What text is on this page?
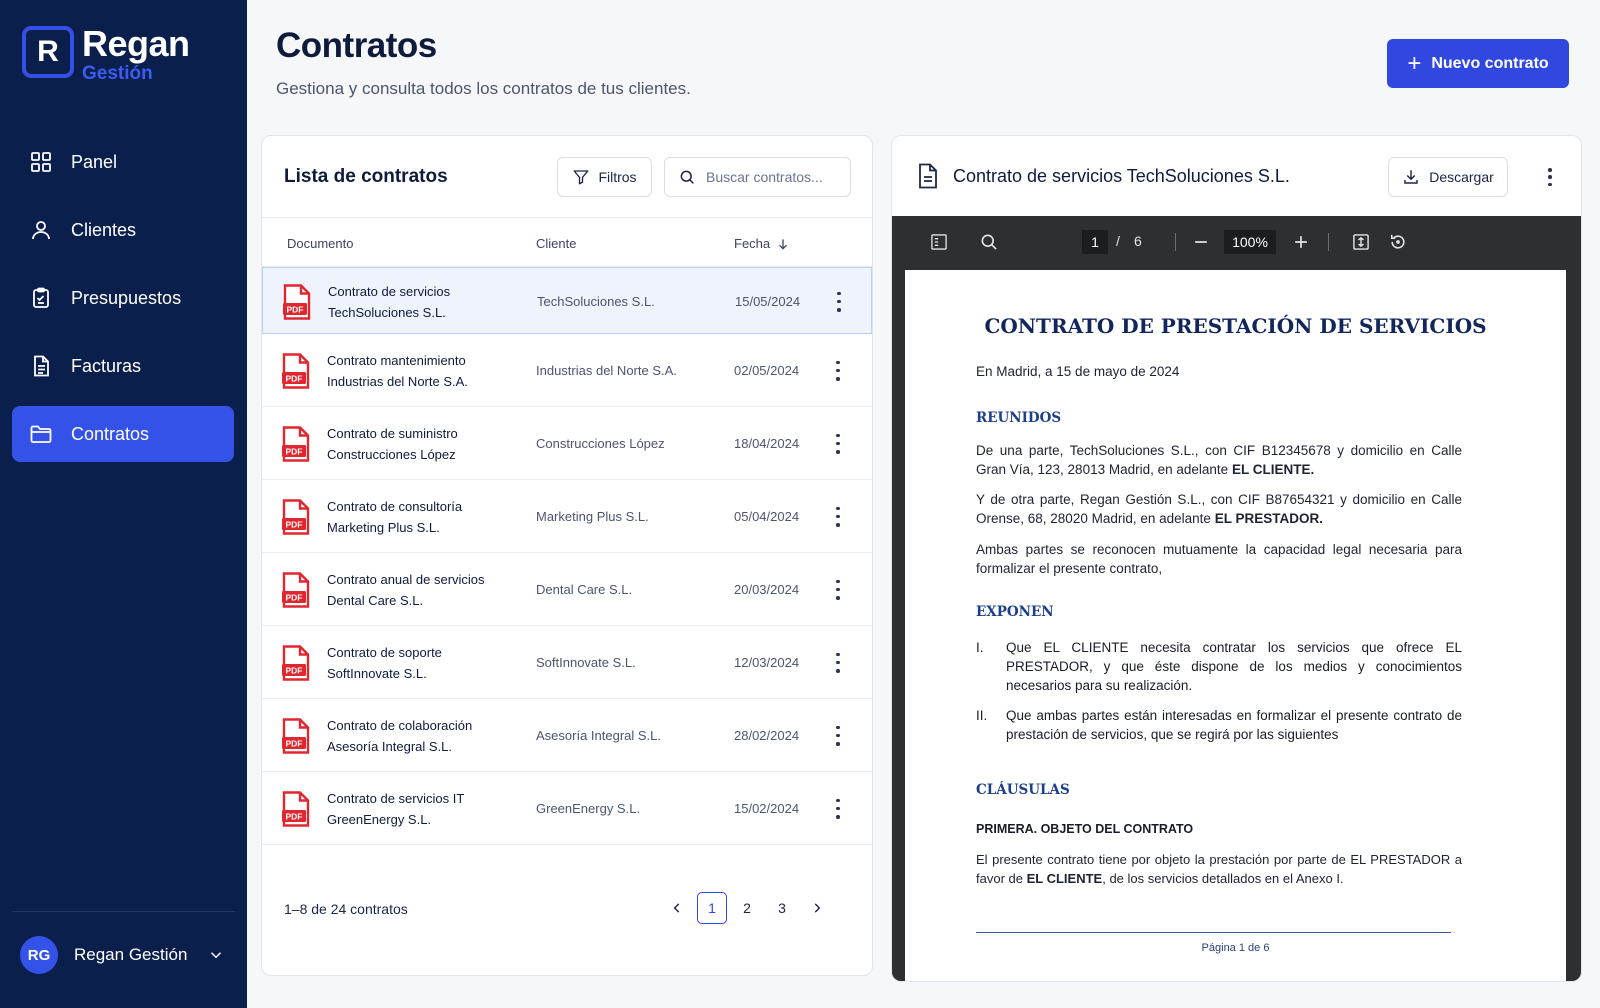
R Regan
Gestión
Panel
Clientes
Presupuestos
Facturas
Contratos
RG	Regan Gestión
Contratos

Gestiona y consulta todos los contratos de tus clientes.

+ Nuevo contrato
Lista de contratos	Filtros
Buscar contratos...
Documento	Cliente	Fecha
PDF
Contrato de servicios
TechSoluciones S.L.
TechSoluciones S.L.	15/05/2024
PDF
Contrato mantenimiento
Industrias del Norte S.A.
Industrias del Norte S.A.	02/05/2024
PDF
Contrato de suministro
Construcciones López
Construcciones López	18/04/2024
PDF
Contrato de consultoría
Marketing Plus S.L.
Marketing Plus S.L.	05/04/2024
PDF
Contrato anual de servicios
Dental Care S.L.
Dental Care S.L.	20/03/2024
PDF
Contrato de soporte
SoftInnovate S.L.
SoftInnovate S.L.	12/03/2024
PDF
Contrato de colaboración
Asesoría Integral S.L.
Asesoría Integral S.L.	28/02/2024
PDF
Contrato de servicios IT
GreenEnergy S.L.
GreenEnergy S.L.	15/02/2024
1–8 de 24 contratos	1	2	3
Contrato de servicios TechSoluciones S.L.	Descargar
1
/ 6	100%
CONTRATO DE PRESTACIÓN DE SERVICIOS
En Madrid, a 15 de mayo de 2024
REUNIDOS
De una parte, TechSoluciones S.L., con CIF B12345678 y domicilio en Calle Gran Vía, 123, 28013 Madrid, en adelante EL CLIENTE.
Y de otra parte, Regan Gestión S.L., con CIF B87654321 y domicilio en Calle Orense, 68, 28020 Madrid, en adelante EL PRESTADOR.
Ambas partes se reconocen mutuamente la capacidad legal necesaria para formalizar el presente contrato,
EXPONEN
I. Que EL CLIENTE necesita contratar los servicios que ofrece EL PRESTADOR, y que éste dispone de los medios y conocimientos necesarios para su realización.
II. Que ambas partes están interesadas en formalizar el presente contrato de prestación de servicios, que se regirá por las siguientes
CLÁUSULAS
PRIMERA. OBJETO DEL CONTRATO
El presente contrato tiene por objeto la prestación por parte de EL PRESTADOR a favor de EL CLIENTE, de los servicios detallados en el Anexo I.
Página 1 de 6
